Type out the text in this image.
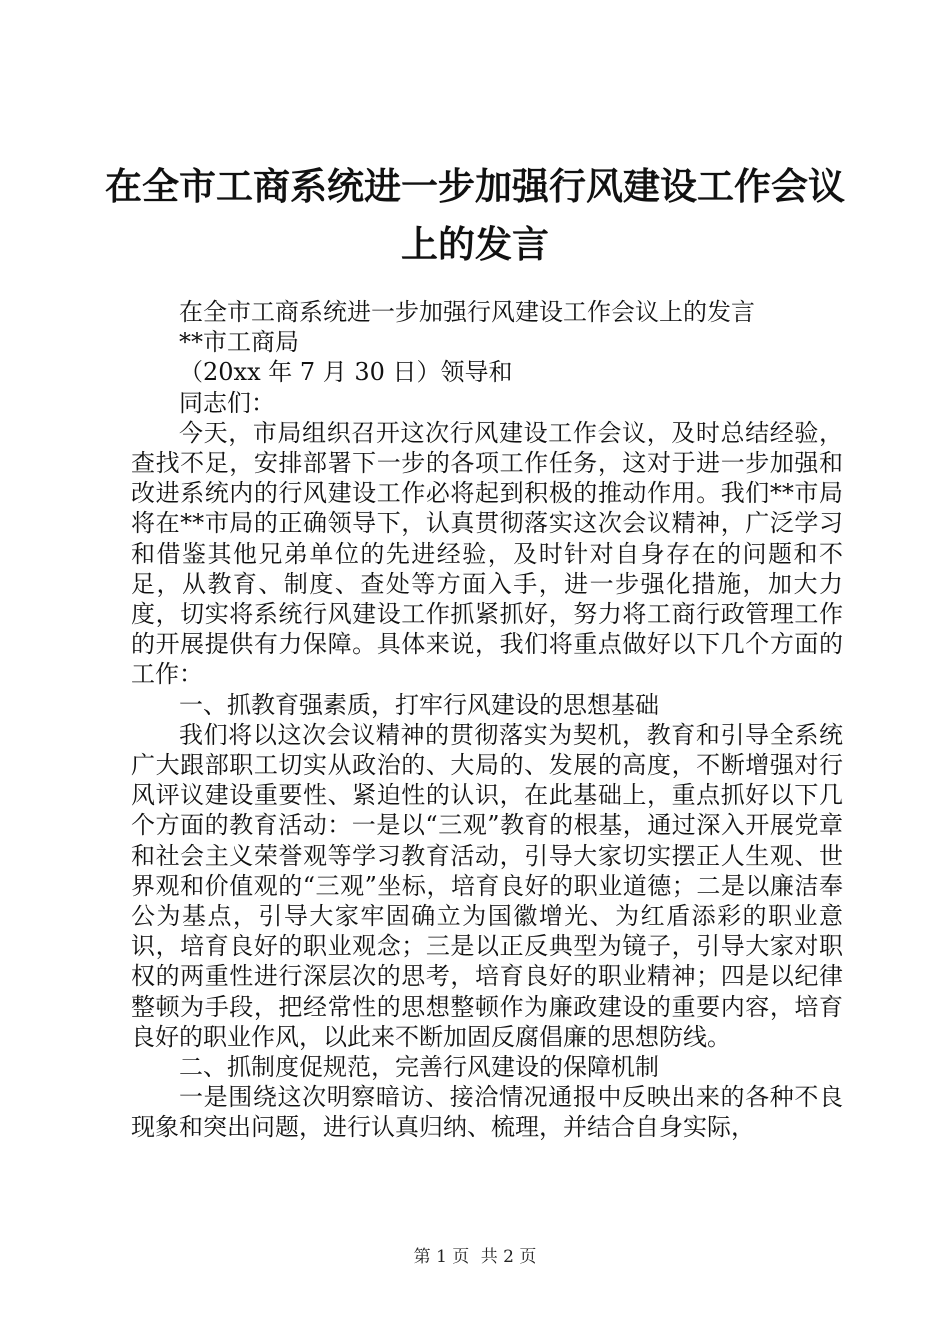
在全市工商系统进一步加强行风建设工作会议上的发言

在全市工商系统进一步加强行风建设工作会议上的发言

**市工商局

（20xx 年 7 月 30 日）领导和

同志们：

今天，市局组织召开这次行风建设工作会议，及时总结经验，查找不足，安排部署下一步的各项工作任务，这对于进一步加强和改进系统内的行风建设工作必将起到积极的推动作用。我们**市局将在**市局的正确领导下，认真贯彻落实这次会议精神，广泛学习和借鉴其他兄弟单位的先进经验，及时针对自身存在的问题和不足，从教育、制度、查处等方面入手，进一步强化措施，加大力度，切实将系统行风建设工作抓紧抓好，努力将工商行政管理工作的开展提供有力保障。具体来说，我们将重点做好以下几个方面的工作：

一、抓教育强素质，打牢行风建设的思想基础

我们将以这次会议精神的贯彻落实为契机，教育和引导全系统广大跟部职工切实从政治的、大局的、发展的高度，不断增强对行风评议建设重要性、紧迫性的认识，在此基础上，重点抓好以下几个方面的教育活动：一是以“三观”教育的根基，通过深入开展党章和社会主义荣誉观等学习教育活动，引导大家切实摆正人生观、世界观和价值观的“三观”坐标，培育良好的职业道德；二是以廉洁奉公为基点，引导大家牢固确立为国徽增光、为红盾添彩的职业意识，培育良好的职业观念；三是以正反典型为镜子，引导大家对职权的两重性进行深层次的思考，培育良好的职业精神；四是以纪律整顿为手段，把经常性的思想整顿作为廉政建设的重要内容，培育良好的职业作风，以此来不断加固反腐倡廉的思想防线。

二、抓制度促规范，完善行风建设的保障机制

一是围绕这次明察暗访、接洽情况通报中反映出来的各种不良现象和突出问题，进行认真归纳、梳理，并结合自身实际，

第 1 页 共 2 页
